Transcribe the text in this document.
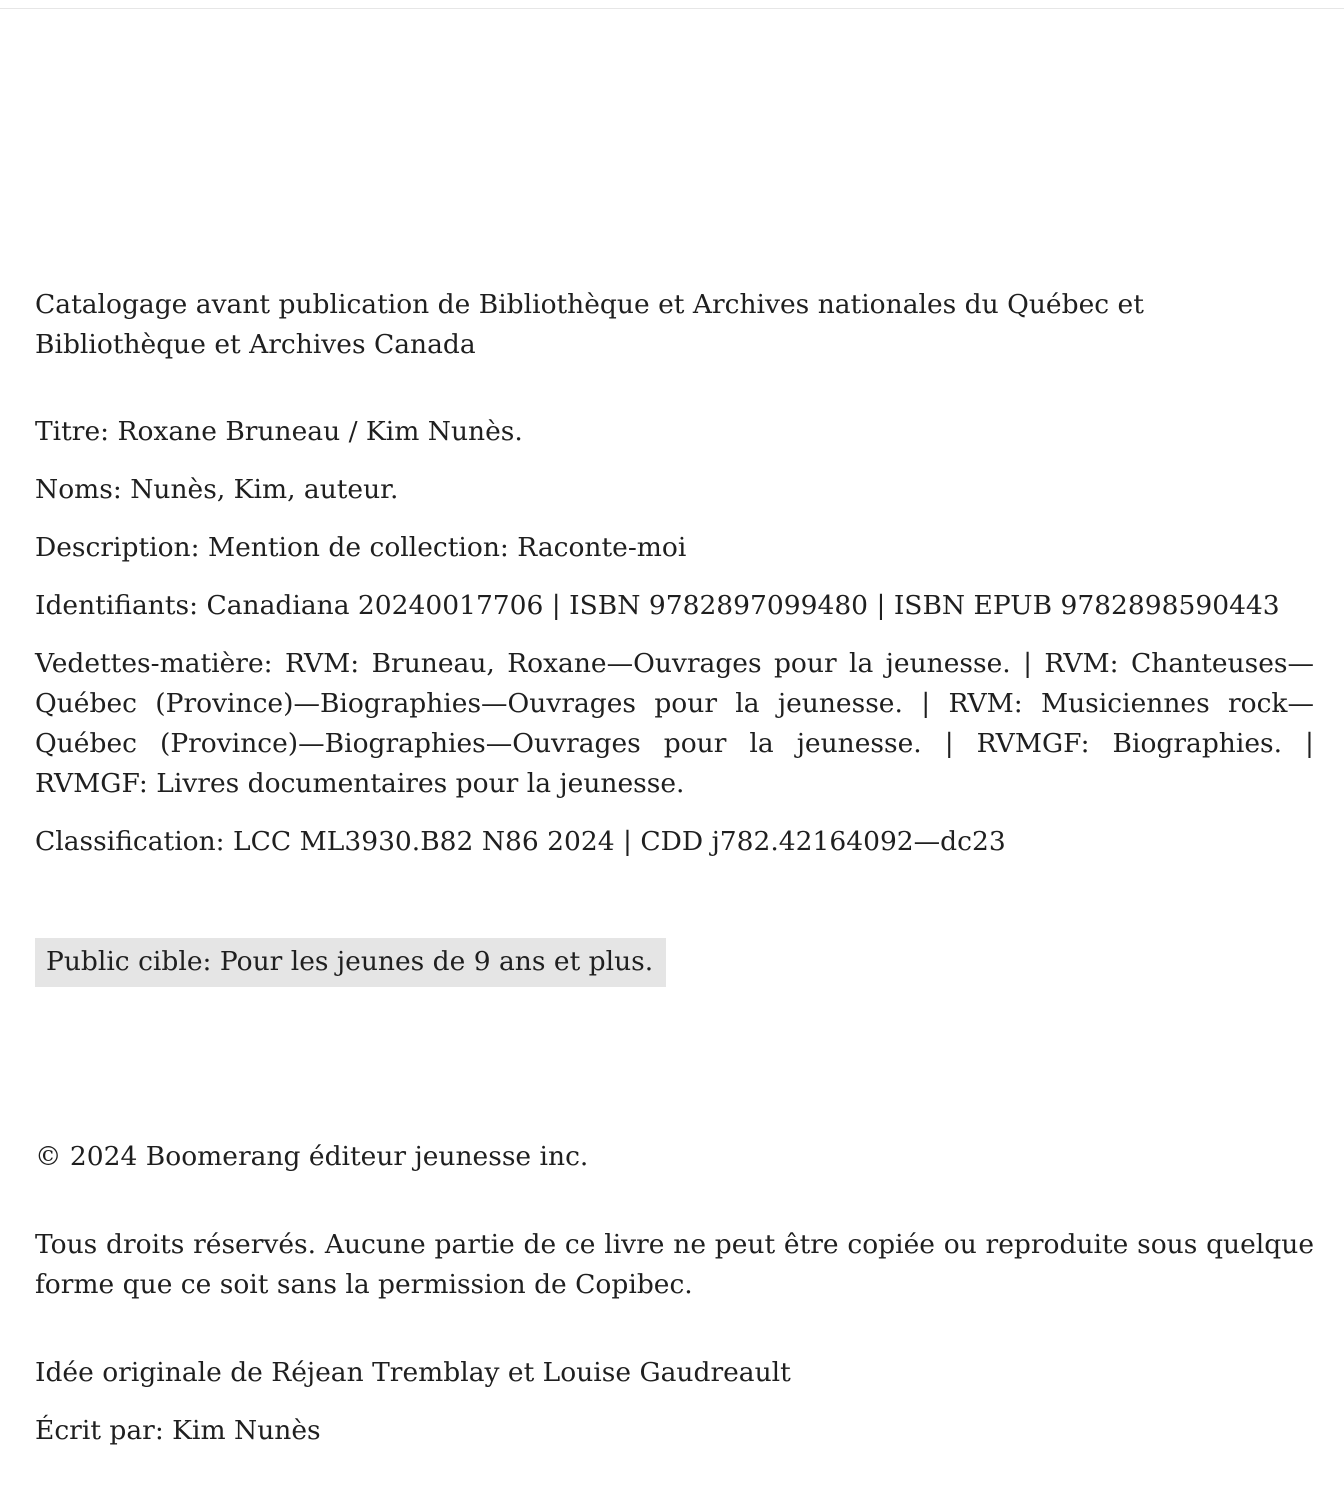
Catalogage avant publication de Bibliothèque et Archives nationales du Québec et Bibliothèque et Archives Canada

Titre: Roxane Bruneau / Kim Nunès.

Noms: Nunès, Kim, auteur.

Description: Mention de collection: Raconte-moi

Identifiants: Canadiana 20240017706 | ISBN 9782897099480 | ISBN EPUB 9782898590443

Vedettes-matière: RVM: Bruneau, Roxane—Ouvrages pour la jeunesse. | RVM: Chanteuses—Québec (Province)—Biographies—Ouvrages pour la jeunesse. | RVM: Musiciennes rock—Québec (Province)—Biographies—Ouvrages pour la jeunesse. | RVMGF: Biographies. | RVMGF: Livres documentaires pour la jeunesse.

Classification: LCC ML3930.B82 N86 2024 | CDD j782.42164092—dc23

Public cible: Pour les jeunes de 9 ans et plus.

© 2024 Boomerang éditeur jeunesse inc.

Tous droits réservés. Aucune partie de ce livre ne peut être copiée ou reproduite sous quelque forme que ce soit sans la permission de Copibec.

Idée originale de Réjean Tremblay et Louise Gaudreault

Écrit par: Kim Nunès
